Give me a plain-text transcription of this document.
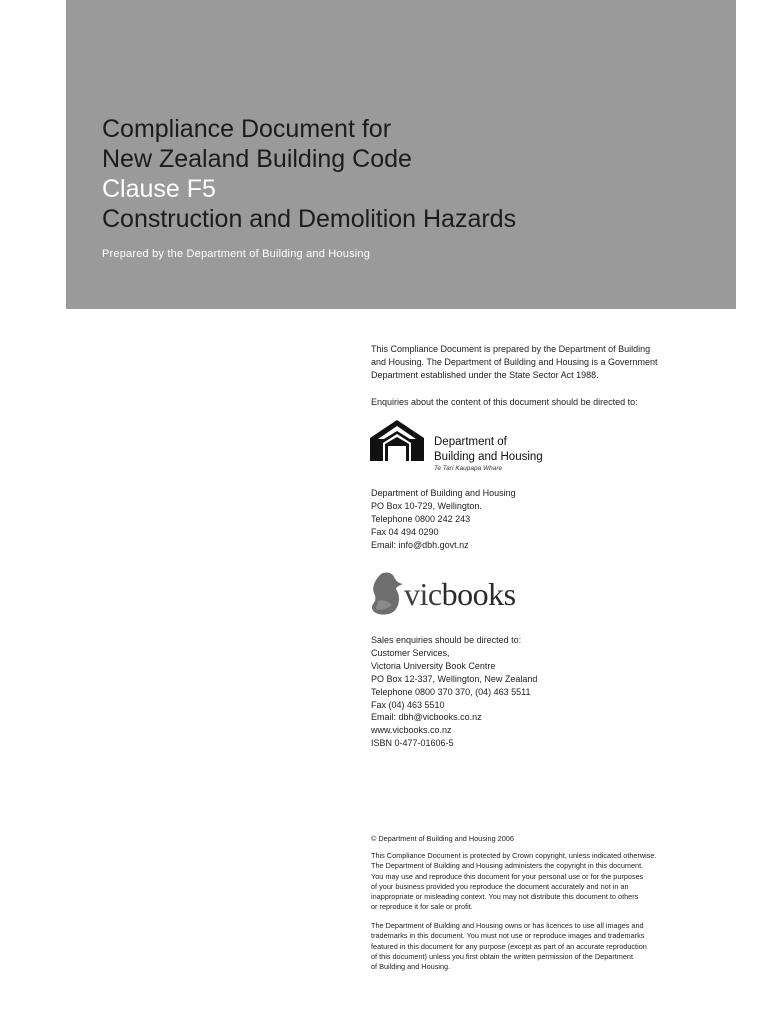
Compliance Document for
New Zealand Building Code
Clause F5
Construction and Demolition Hazards
Prepared by the Department of Building and Housing
This Compliance Document is prepared by the Department of Building
and Housing. The Department of Building and Housing is a Government
Department established under the State Sector Act 1988.
Enquiries about the content of this document should be directed to:
Department of
Building and Housing
Te Tari Kaupapa Whare
Department of Building and Housing
PO Box 10-729, Wellington.
Telephone 0800 242 243
Fax 04 494 0290
Email: info@dbh.govt.nz
vicbooks
Sales enquiries should be directed to:
Customer Services,
Victoria University Book Centre
PO Box 12-337, Wellington, New Zealand
Telephone 0800 370 370, (04) 463 5511
Fax (04) 463 5510
Email: dbh@vicbooks.co.nz
www.vicbooks.co.nz
ISBN 0-477-01606-5
© Department of Building and Housing 2006
This Compliance Document is protected by Crown copyright, unless indicated otherwise.
The Department of Building and Housing administers the copyright in this document.
You may use and reproduce this document for your personal use or for the purposes
of your business provided you reproduce the document accurately and not in an
inappropriate or misleading context. You may not distribute this document to others
or reproduce it for sale or profit.
The Department of Building and Housing owns or has licences to use all images and
trademarks in this document. You must not use or reproduce images and trademarks
featured in this document for any purpose (except as part of an accurate reproduction
of this document) unless you first obtain the written permission of the Department
of Building and Housing.
